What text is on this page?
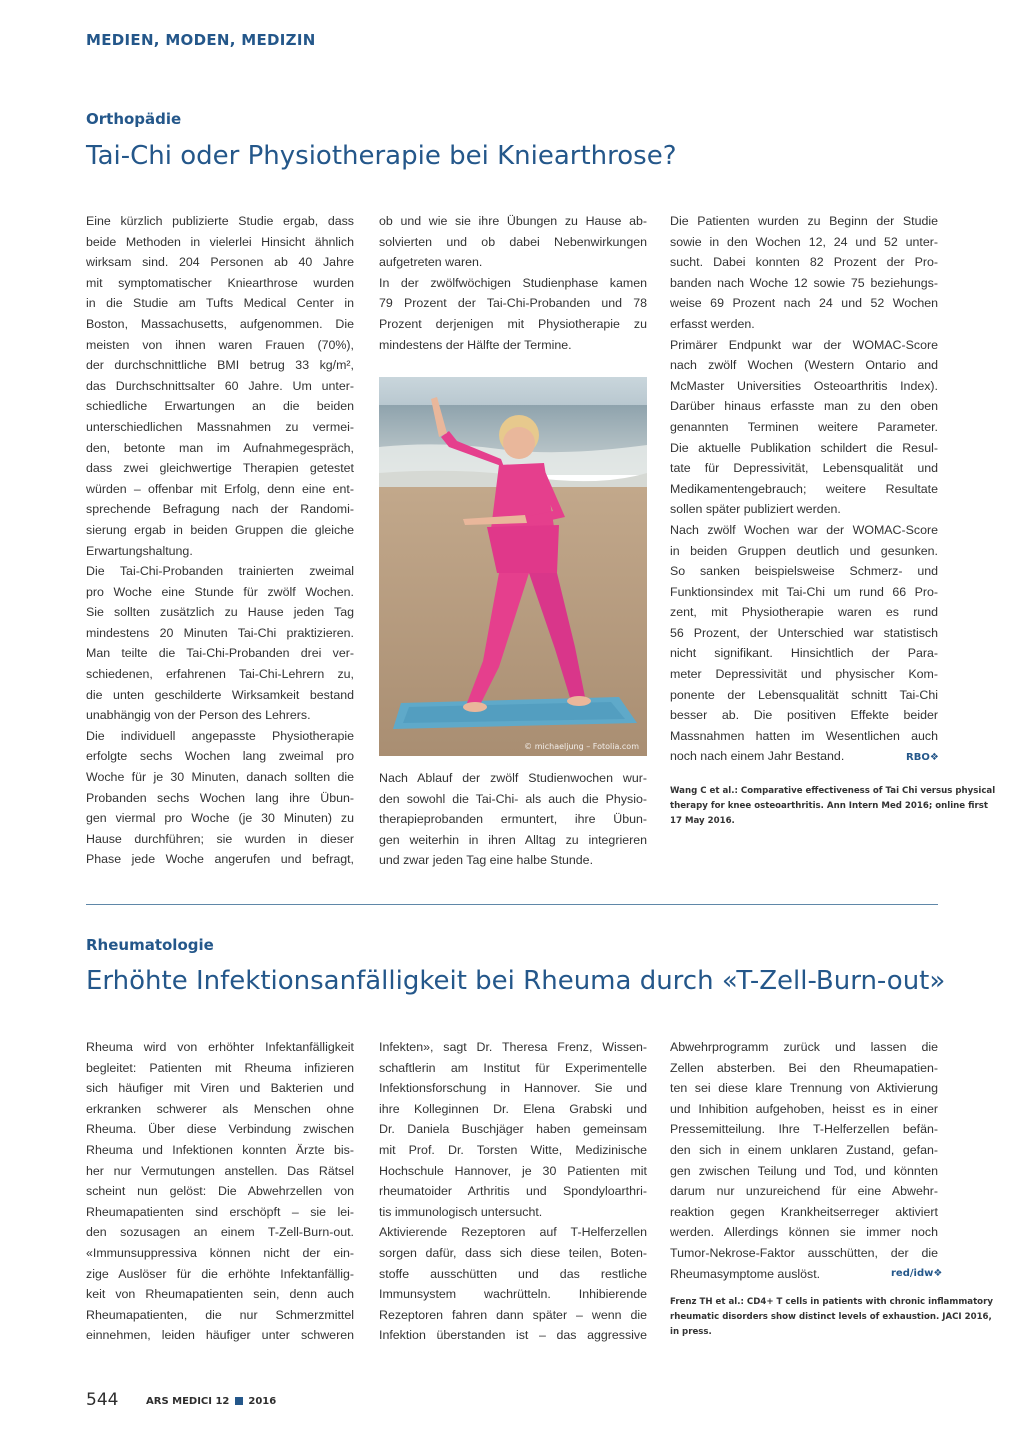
MEDIEN, MODEN, MEDIZIN
Orthopädie
Tai-Chi oder Physiotherapie bei Kniearthrose?
Eine kürzlich publizierte Studie ergab, dass
beide Methoden in vielerlei Hinsicht ähnlich
wirksam sind. 204 Personen ab 40 Jahre
mit symptomatischer Kniearthrose wurden
in die Studie am Tufts Medical Center in
Boston, Massachusetts, aufgenommen. Die
meisten von ihnen waren Frauen (70%),
der durchschnittliche BMI betrug 33 kg/m²,
das Durchschnittsalter 60 Jahre. Um unter-
schiedliche Erwartungen an die beiden
unterschiedlichen Massnahmen zu vermei-
den, betonte man im Aufnahmegespräch,
dass zwei gleichwertige Therapien getestet
würden – offenbar mit Erfolg, denn eine ent-
sprechende Befragung nach der Randomi-
sierung ergab in beiden Gruppen die gleiche
Erwartungshaltung.
Die Tai-Chi-Probanden trainierten zweimal
pro Woche eine Stunde für zwölf Wochen.
Sie sollten zusätzlich zu Hause jeden Tag
mindestens 20 Minuten Tai-Chi praktizieren.
Man teilte die Tai-Chi-Probanden drei ver-
schiedenen, erfahrenen Tai-Chi-Lehrern zu,
die unten geschilderte Wirksamkeit bestand
unabhängig von der Person des Lehrers.
Die individuell angepasste Physiotherapie
erfolgte sechs Wochen lang zweimal pro
Woche für je 30 Minuten, danach sollten die
Probanden sechs Wochen lang ihre Übun-
gen viermal pro Woche (je 30 Minuten) zu
Hause durchführen; sie wurden in dieser
Phase jede Woche angerufen und befragt,
ob und wie sie ihre Übungen zu Hause ab-
solvierten und ob dabei Nebenwirkungen
aufgetreten waren.
In der zwölfwöchigen Studienphase kamen
79 Prozent der Tai-Chi-Probanden und 78
Prozent derjenigen mit Physiotherapie zu
mindestens der Hälfte der Termine.
© michaeljung – Fotolia.com
Nach Ablauf der zwölf Studienwochen wur-
den sowohl die Tai-Chi- als auch die Physio-
therapieprobanden ermuntert, ihre Übun-
gen weiterhin in ihren Alltag zu integrieren
und zwar jeden Tag eine halbe Stunde.
Die Patienten wurden zu Beginn der Studie
sowie in den Wochen 12, 24 und 52 unter-
sucht. Dabei konnten 82 Prozent der Pro-
banden nach Woche 12 sowie 75 beziehungs-
weise 69 Prozent nach 24 und 52 Wochen
erfasst werden.
Primärer Endpunkt war der WOMAC-Score
nach zwölf Wochen (Western Ontario and
McMaster Universities Osteoarthritis Index).
Darüber hinaus erfasste man zu den oben
genannten Terminen weitere Parameter.
Die aktuelle Publikation schildert die Resul-
tate für Depressivität, Lebensqualität und
Medikamentengebrauch; weitere Resultate
sollen später publiziert werden.
Nach zwölf Wochen war der WOMAC-Score
in beiden Gruppen deutlich und gesunken.
So sanken beispielsweise Schmerz- und
Funktionsindex mit Tai-Chi um rund 66 Pro-
zent, mit Physiotherapie waren es rund
56 Prozent, der Unterschied war statistisch
nicht signifikant. Hinsichtlich der Para-
meter Depressivität und physischer Kom-
ponente der Lebensqualität schnitt Tai-Chi
besser ab. Die positiven Effekte beider
Massnahmen hatten im Wesentlichen auch
noch nach einem Jahr Bestand.	RBO❖
Wang C et al.: Comparative effectiveness of Tai Chi versus physical
therapy for knee osteoarthritis. Ann Intern Med 2016; online first
17 May 2016.
Rheumatologie
Erhöhte Infektionsanfälligkeit bei Rheuma durch «T-Zell-Burn-out»
Rheuma wird von erhöhter Infektanfälligkeit
begleitet: Patienten mit Rheuma infizieren
sich häufiger mit Viren und Bakterien und
erkranken schwerer als Menschen ohne
Rheuma. Über diese Verbindung zwischen
Rheuma und Infektionen konnten Ärzte bis-
her nur Vermutungen anstellen. Das Rätsel
scheint nun gelöst: Die Abwehrzellen von
Rheumapatienten sind erschöpft – sie lei-
den sozusagen an einem T-Zell-Burn-out.
«Immunsuppressiva können nicht der ein-
zige Auslöser für die erhöhte Infektanfällig-
keit von Rheumapatienten sein, denn auch
Rheumapatienten, die nur Schmerzmittel
einnehmen, leiden häufiger unter schweren
Infekten», sagt Dr. Theresa Frenz, Wissen-
schaftlerin am Institut für Experimentelle
Infektionsforschung in Hannover. Sie und
ihre Kolleginnen Dr. Elena Grabski und
Dr. Daniela Buschjäger haben gemeinsam
mit Prof. Dr. Torsten Witte, Medizinische
Hochschule Hannover, je 30 Patienten mit
rheumatoider Arthritis und Spondyloarthri-
tis immunologisch untersucht.
Aktivierende Rezeptoren auf T-Helferzellen
sorgen dafür, dass sich diese teilen, Boten-
stoffe ausschütten und das restliche
Immunsystem wachrütteln. Inhibierende
Rezeptoren fahren dann später – wenn die
Infektion überstanden ist – das aggressive
Abwehrprogramm zurück und lassen die
Zellen absterben. Bei den Rheumapatien-
ten sei diese klare Trennung von Aktivierung
und Inhibition aufgehoben, heisst es in einer
Pressemitteilung. Ihre T-Helferzellen befän-
den sich in einem unklaren Zustand, gefan-
gen zwischen Teilung und Tod, und könnten
darum nur unzureichend für eine Abwehr-
reaktion gegen Krankheitserreger aktiviert
werden. Allerdings können sie immer noch
Tumor-Nekrose-Faktor ausschütten, der die
Rheumasymptome auslöst.	red/idw❖
Frenz TH et al.: CD4+ T cells in patients with chronic inflammatory
rheumatic disorders show distinct levels of exhaustion. JACI 2016,
in press.
544	ARS MEDICI 12 2016
